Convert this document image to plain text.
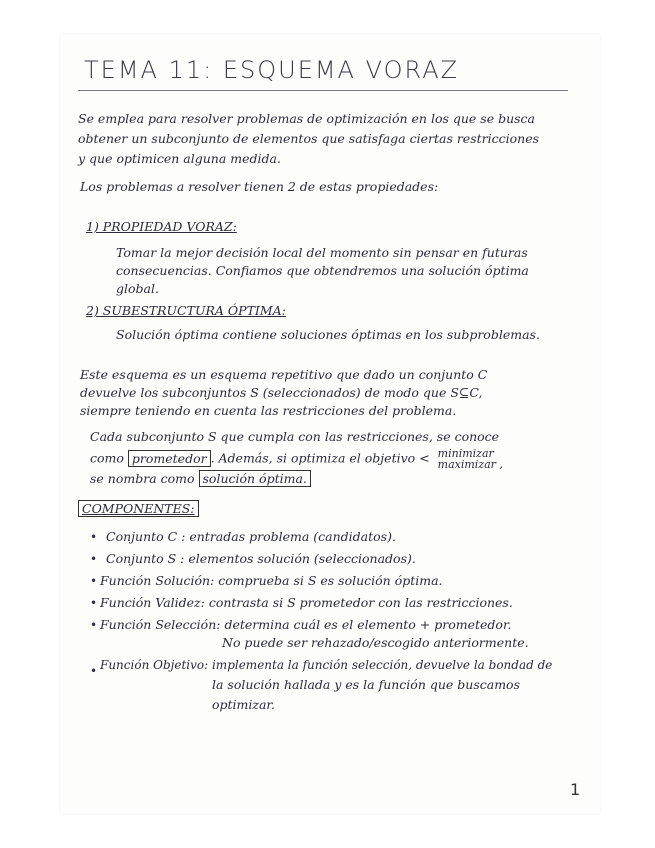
TEMA 11: ESQUEMA VORAZ
Se emplea para resolver problemas de optimización en los que se busca
obtener un subconjunto de elementos que satisfaga ciertas restricciones
y que optimicen alguna medida.
Los problemas a resolver tienen 2 de estas propiedades:
1) PROPIEDAD VORAZ:
Tomar la mejor decisión local del momento sin pensar en futuras
consecuencias. Confiamos que obtendremos una solución óptima
global.
2) SUBESTRUCTURA ÓPTIMA:
Solución óptima contiene soluciones óptimas en los subproblemas.
Este esquema es un esquema repetitivo que dado un conjunto C
devuelve los subconjuntos S (seleccionados) de modo que S⊆C,
siempre teniendo en cuenta las restricciones del problema.
Cada subconjunto S que cumpla con las restricciones, se conoce
como prometedor . Además, si optimiza el objetivo < minimizar
maximizar ,
se nombra como solución óptima.
COMPONENTES:
• Conjunto C : entradas problema (candidatos).
• Conjunto S : elementos solución (seleccionados).
• Función Solución: comprueba si S es solución óptima.
• Función Validez: contrasta si S prometedor con las restricciones.
• Función Selección: determina cuál es el elemento + prometedor.
No puede ser rehazado/escogido anteriormente.
• Función Objetivo: implementa la función selección, devuelve la bondad de
la solución hallada y es la función que buscamos
optimizar.
1
